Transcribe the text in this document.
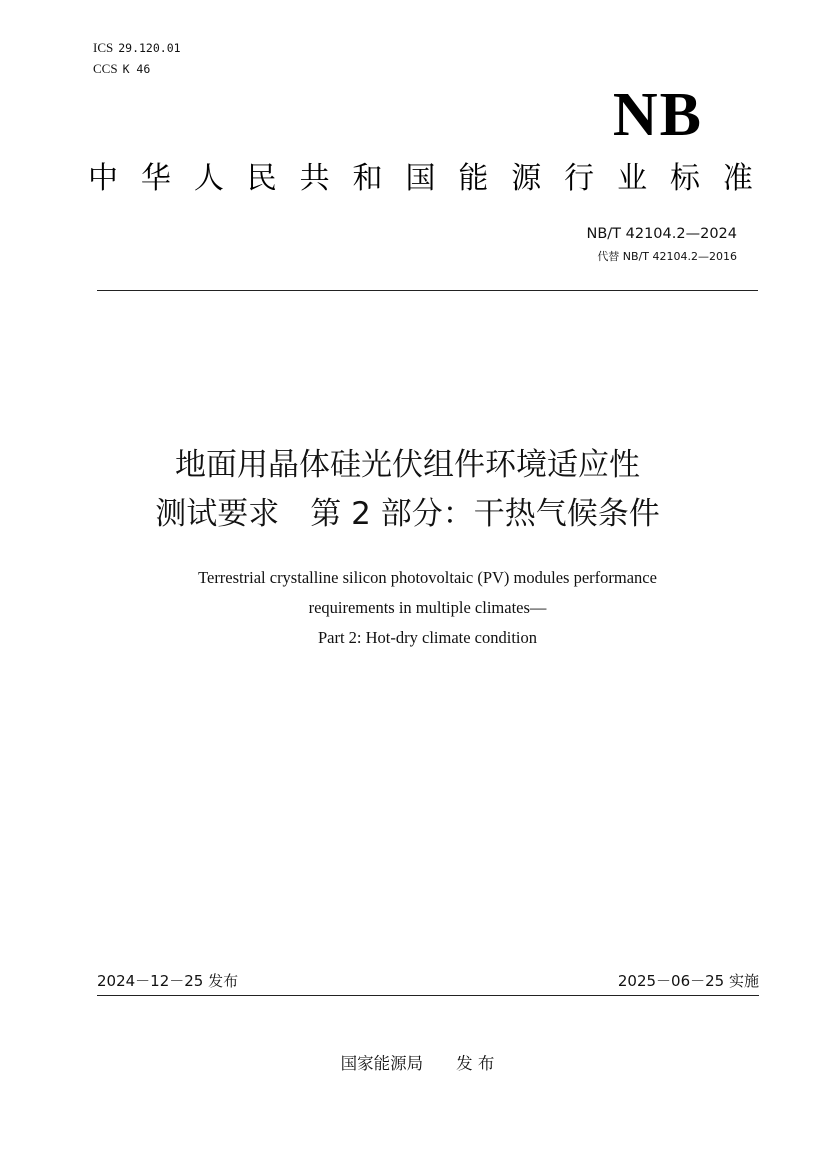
ICS 29.120.01
CCS K 46
NB
中 华 人 民 共 和 国 能 源 行 业 标 准
NB/T 42104.2—2024
代替 NB/T 42104.2—2016
地面用晶体硅光伏组件环境适应性
测试要求　第 2 部分：干热气候条件
Terrestrial crystalline silicon photovoltaic (PV) modules performance
requirements in multiple climates—
Part 2: Hot-dry climate condition
2024－12－25 发布	2025－06－25 实施
国家能源局　　发 布
